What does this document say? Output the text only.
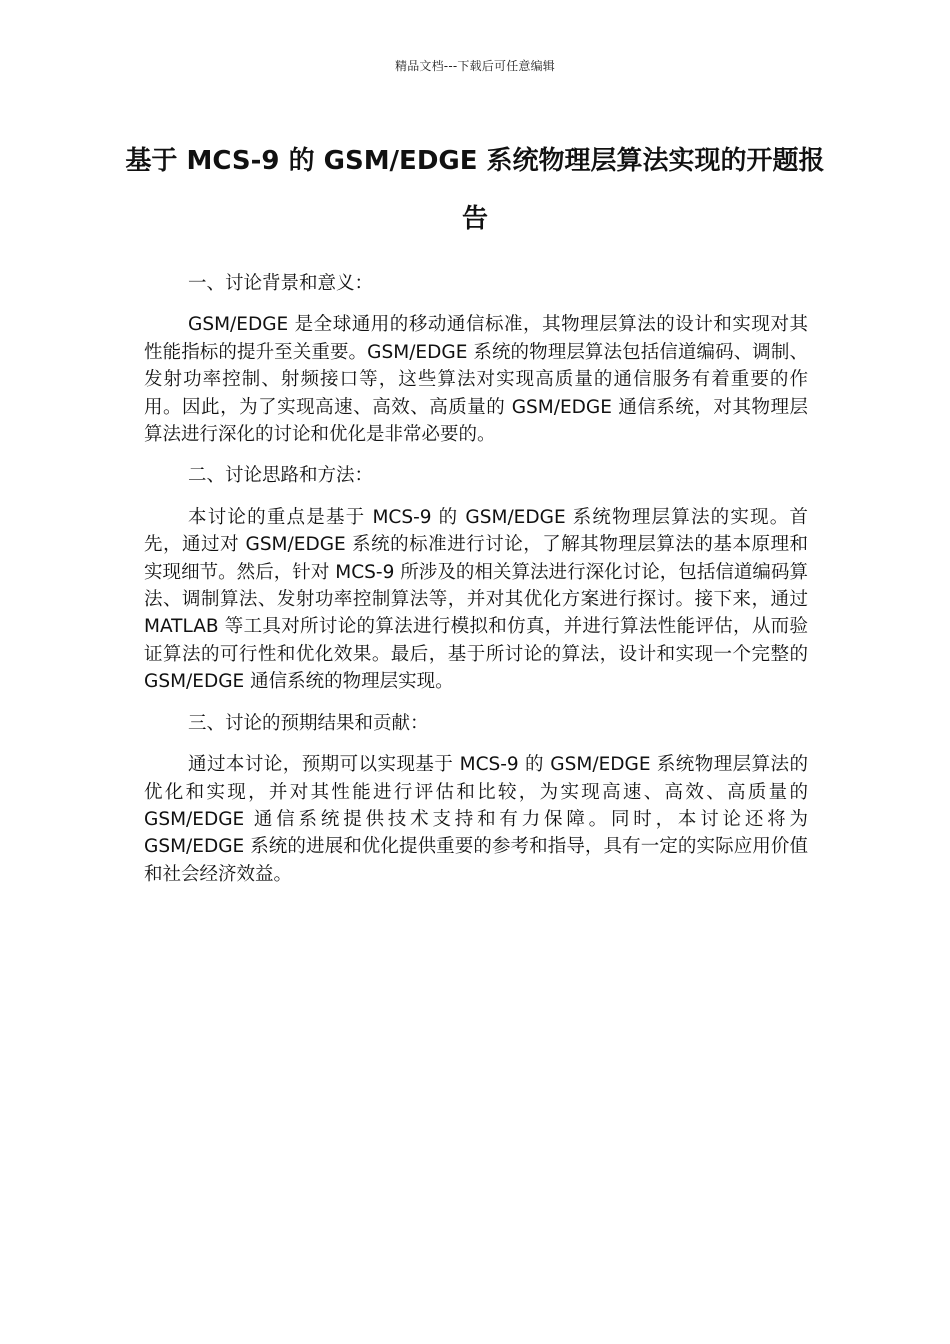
精品文档---下载后可任意编辑
基于 MCS-9 的 GSM/EDGE 系统物理层算法实现的开题报告
一、讨论背景和意义：
GSM/EDGE 是全球通用的移动通信标准，其物理层算法的设计和实现对其性能指标的提升至关重要。GSM/EDGE 系统的物理层算法包括信道编码、调制、发射功率控制、射频接口等，这些算法对实现高质量的通信服务有着重要的作用。因此，为了实现高速、高效、高质量的 GSM/EDGE 通信系统，对其物理层算法进行深化的讨论和优化是非常必要的。
二、讨论思路和方法：
本讨论的重点是基于 MCS-9 的 GSM/EDGE 系统物理层算法的实现。首先，通过对 GSM/EDGE 系统的标准进行讨论，了解其物理层算法的基本原理和实现细节。然后，针对 MCS-9 所涉及的相关算法进行深化讨论，包括信道编码算法、调制算法、发射功率控制算法等，并对其优化方案进行探讨。接下来，通过 MATLAB 等工具对所讨论的算法进行模拟和仿真，并进行算法性能评估，从而验证算法的可行性和优化效果。最后，基于所讨论的算法，设计和实现一个完整的 GSM/EDGE 通信系统的物理层实现。
三、讨论的预期结果和贡献：
通过本讨论，预期可以实现基于 MCS-9 的 GSM/EDGE 系统物理层算法的优化和实现，并对其性能进行评估和比较，为实现高速、高效、高质量的 GSM/EDGE 通信系统提供技术支持和有力保障。同时，本讨论还将为 GSM/EDGE 系统的进展和优化提供重要的参考和指导，具有一定的实际应用价值和社会经济效益。
